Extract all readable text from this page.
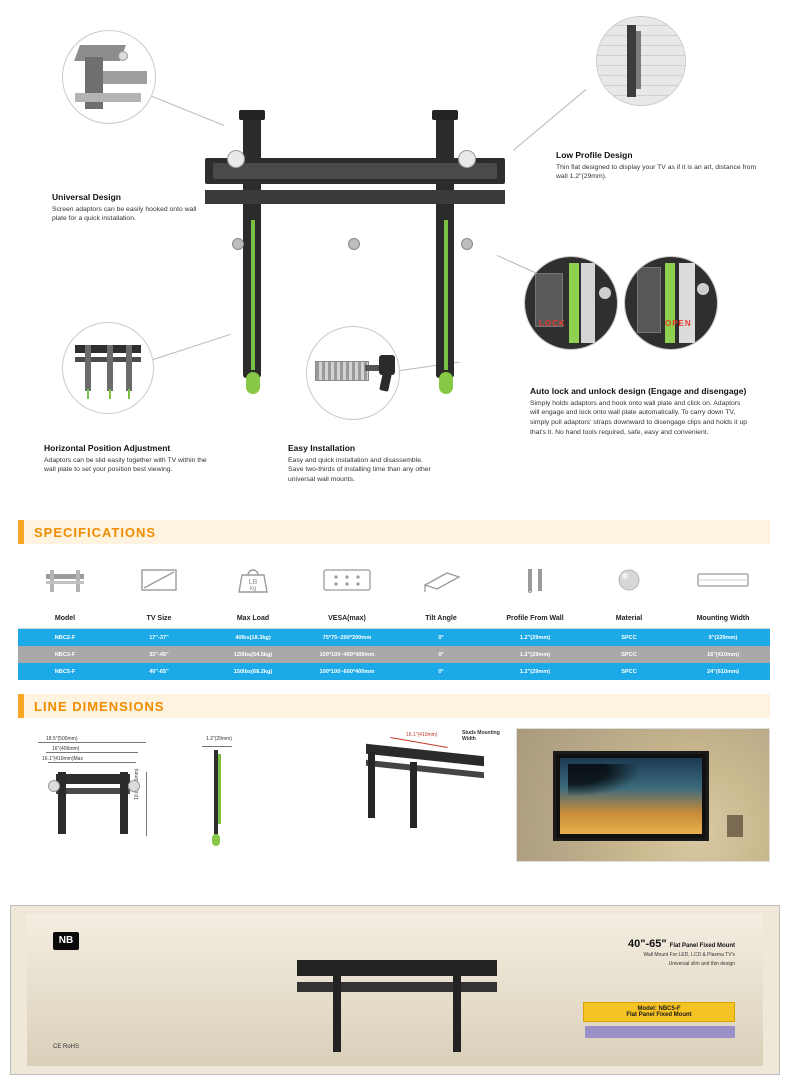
LOCK	OPEN
Universal Design
Screen adaptors can be easily hooked onto wall plate for a quick installation.
Low Profile Design
Thin flat designed to display your TV as if it is an art, distance from wall 1.2"(29mm).
Horizontal Position Adjustment
Adaptors can be slid easily together with TV within the wall plate to set your position best viewing.
Easy Installation
Easy and quick installation and disassemble. Save two-thirds of installing time than any other universal wall mounts.
Auto lock and unlock design (Engage and disengage)
Simply holds adaptors and hook onto wall plate and click on. Adaptors will engage and lock onto wall plate automatically. To carry down TV, simply pull adaptors' straps downward to disengage clips and holds it up that's it. No hand tools required, safe, easy and convenient.
SPECIFICATIONS
LB
kg
Model	TV Size	Max Load	VESA(max)	Tilt Angle	Profile From Wall	Material	Mounting Width
NBC2-F	17"-37"	40lbs(18.3kg)	75*75~200*200mm	0°	1.2"(29mm)	SPCC	9"(229mm)
NBC3-F	32"-45"	120lbs(54.5kg)	100*100~400*400mm	0°	1.2"(29mm)	SPCC	16"(410mm)
NBC5-F	40"-65"	150lbs(68.2kg)	100*100~600*400mm	0°	1.2"(29mm)	SPCC	24"(610mm)
LINE DIMENSIONS
18.5"(500mm)
16"(406mm)
16.1"(410mm)Max
1.2"(29mm)
16.1"(410mm)	Studs Mounting Width
NB	40"-65" Flat Panel Fixed Mount
Wall Mount For LED, LCD & Plasma TV's
Universal slim and thin design
Model: NBC5-F
Flat Panel Fixed Mount
CE RoHS
